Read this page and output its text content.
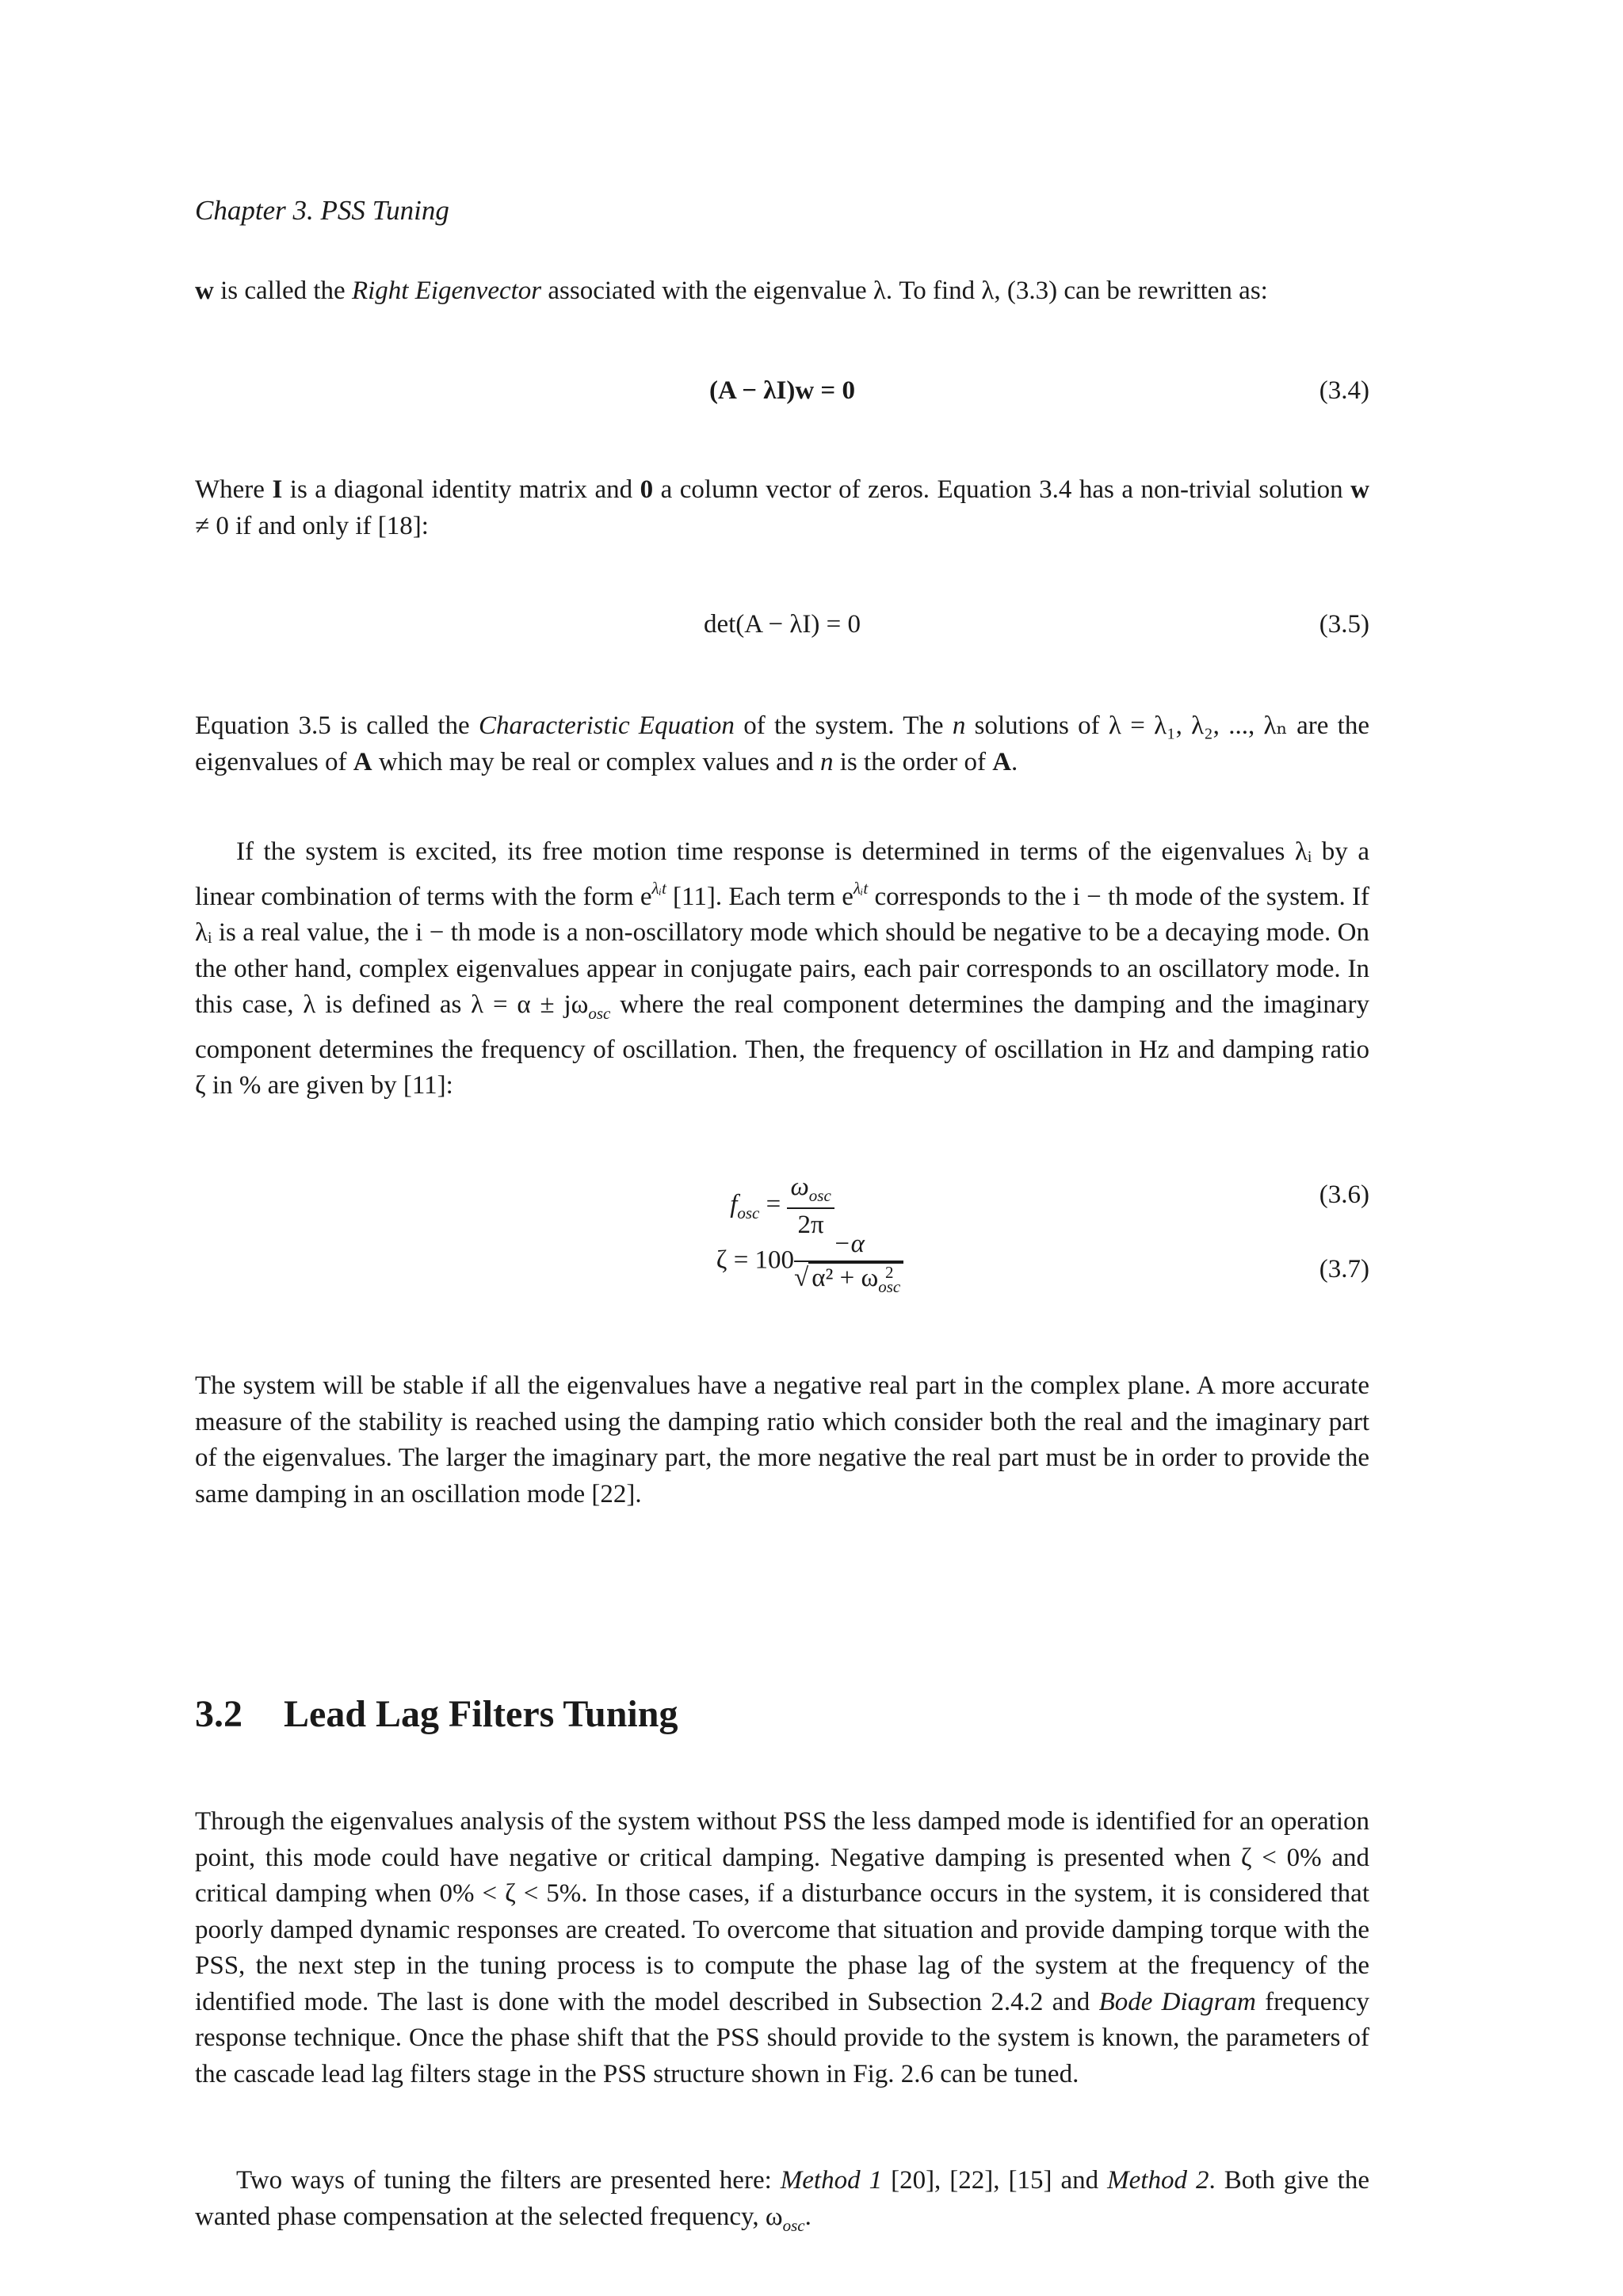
Chapter 3. PSS Tuning

w is called the Right Eigenvector associated with the eigenvalue λ. To find λ, (3.3) can be rewritten as:

(A − λI)w = 0	(3.4)

Where I is a diagonal identity matrix and 0 a column vector of zeros. Equation 3.4 has a non-trivial solution w ≠ 0 if and only if [18]:

det(A − λI) = 0	(3.5)

Equation 3.5 is called the Characteristic Equation of the system. The n solutions of λ = λ₁, λ₂, ..., λₙ are the eigenvalues of A which may be real or complex values and n is the order of A.

If the system is excited, its free motion time response is determined in terms of the eigenvalues λᵢ by a linear combination of terms with the form $e^{\lambda ᵢt}$ [11]. Each term $e^{\lambda ᵢt}$ corresponds to the i − th mode of the system. If λᵢ is a real value, the i − th mode is a non-oscillatory mode which should be negative to be a decaying mode. On the other hand, complex eigenvalues appear in conjugate pairs, each pair corresponds to an oscillatory mode. In this case, λ is defined as $\lambda = \alpha \pm j\omega_{osc}$ where the real component determines the damping and the imaginary component determines the frequency of oscillation. Then, the frequency of oscillation in Hz and damping ratio ζ in % are given by [11]:

$f_{osc} = \frac{\omega_{osc}}{2\pi}$	(3.6)
ζ = 100 −α
√ α² + ω 2
osc	(3.7)

The system will be stable if all the eigenvalues have a negative real part in the complex plane. A more accurate measure of the stability is reached using the damping ratio which consider both the real and the imaginary part of the eigenvalues. The larger the imaginary part, the more negative the real part must be in order to provide the same damping in an oscillation mode [22].

3.2 Lead Lag Filters Tuning

Through the eigenvalues analysis of the system without PSS the less damped mode is identified for an operation point, this mode could have negative or critical damping. Negative damping is presented when ζ < 0% and critical damping when 0% < ζ < 5%. In those cases, if a disturbance occurs in the system, it is considered that poorly damped dynamic responses are created. To overcome that situation and provide damping torque with the PSS, the next step in the tuning process is to compute the phase lag of the system at the frequency of the identified mode. The last is done with the model described in Subsection 2.4.2 and Bode Diagram frequency response technique. Once the phase shift that the PSS should provide to the system is known, the parameters of the cascade lead lag filters stage in the PSS structure shown in Fig. 2.6 can be tuned.

Two ways of tuning the filters are presented here: Method 1 [20], [22], [15] and Method 2. Both give the wanted phase compensation at the selected frequency, $\omega_{osc}$.
